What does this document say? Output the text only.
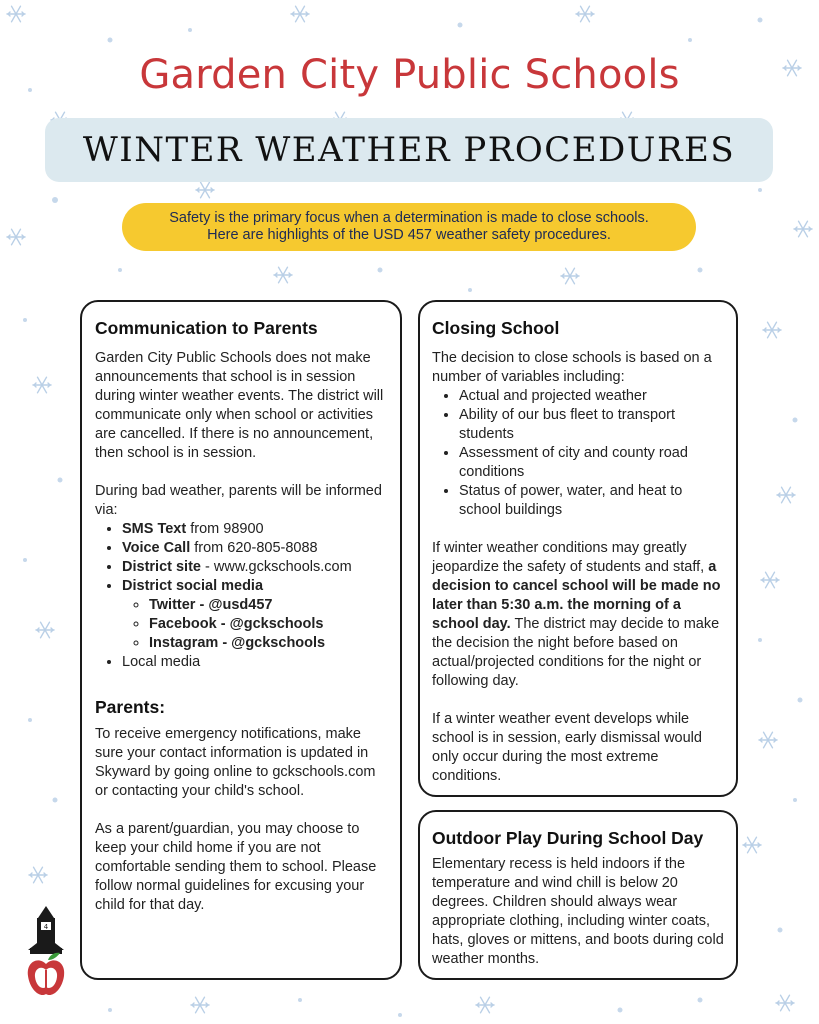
Garden City Public Schools
WINTER WEATHER PROCEDURES
Safety is the primary focus when a determination is made to close schools.
Here are highlights of the USD 457 weather safety procedures.
Communication to Parents

Garden City Public Schools does not make announcements that school is in session during winter weather events. The district will communicate only when school or activities are cancelled. If there is no announcement, then school is in session.

During bad weather, parents will be informed via:

• SMS Text from 98900
• Voice Call from 620-805-8088
• District site - www.gckschools.com
• District social media
◦ Twitter - @usd457
◦ Facebook - @gckschools
◦ Instagram - @gckschools
• Local media
Parents:

To receive emergency notifications, make sure your contact information is updated in Skyward by going online to gckschools.com or contacting your child's school.

As a parent/guardian, you may choose to keep your child home if you are not comfortable sending them to school. Please follow normal guidelines for excusing your child for that day.

Closing School

The decision to close schools is based on a number of variables including:

• Actual and projected weather
• Ability of our bus fleet to transport students
• Assessment of city and county road conditions
• Status of power, water, and heat to school buildings

If winter weather conditions may greatly jeopardize the safety of students and staff, a decision to cancel school will be made no later than 5:30 a.m. the morning of a school day. The district may decide to make the decision the night before based on actual/projected conditions for the night or following day.

If a winter weather event develops while school is in session, early dismissal would only occur during the most extreme conditions.

Outdoor Play During School Day

Elementary recess is held indoors if the temperature and wind chill is below 20 degrees. Children should always wear appropriate clothing, including winter coats, hats, gloves or mittens, and boots during cold weather months.

4
